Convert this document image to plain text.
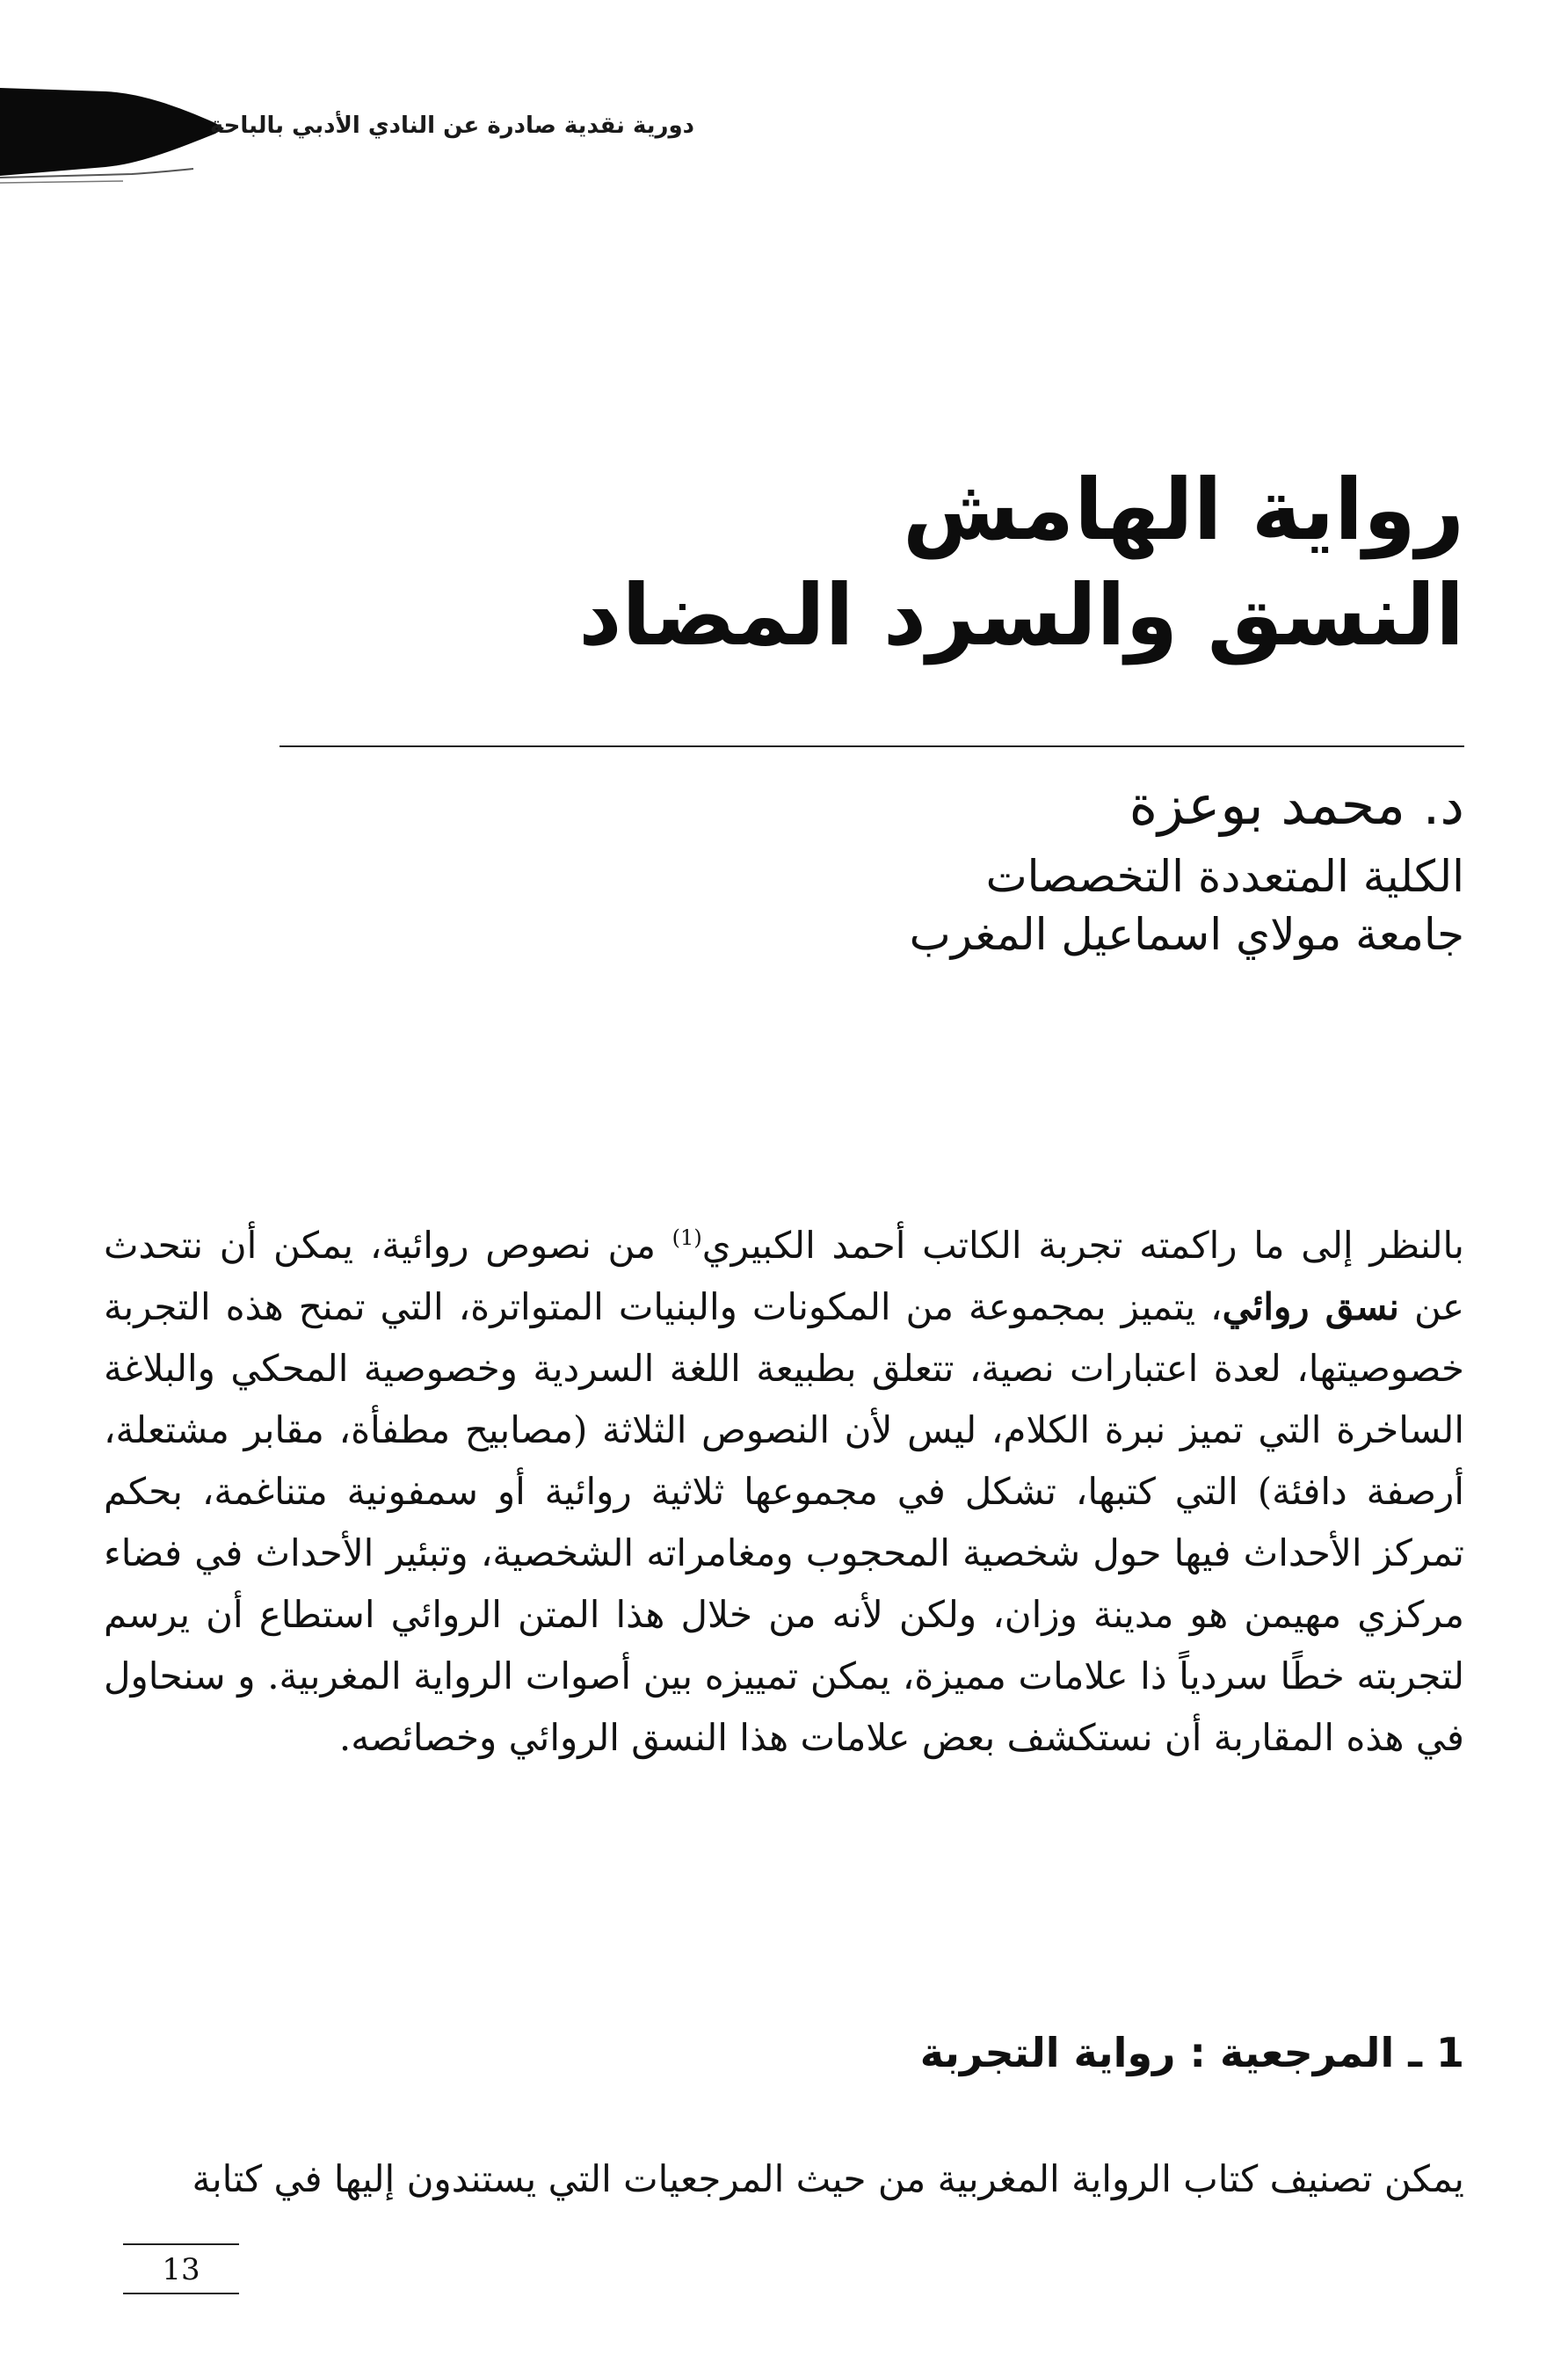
دورية نقدية صادرة عن النادي الأدبي بالباحة
رواية الهامش
النسق والسرد المضاد
د. محمد بوعزة
الكلية المتعددة التخصصات
جامعة مولاي اسماعيل المغرب

بالنظر إلى ما راكمته تجربة الكاتب أحمد الكبيري$^{(1)}$ من نصوص روائية، يمكن أن نتحدث عن نسق روائي، يتميز بمجموعة من المكونات والبنيات المتواترة، التي تمنح هذه التجربة خصوصيتها، لعدة اعتبارات نصية، تتعلق بطبيعة اللغة السردية وخصوصية المحكي والبلاغة الساخرة التي تميز نبرة الكلام، ليس لأن النصوص الثلاثة (مصابيح مطفأة، مقابر مشتعلة، أرصفة دافئة) التي كتبها، تشكل في مجموعها ثلاثية روائية أو سمفونية متناغمة، بحكم تمركز الأحداث فيها حول شخصية المحجوب ومغامراته الشخصية، وتبئير الأحداث في فضاء مركزي مهيمن هو مدينة وزان، ولكن لأنه من خلال هذا المتن الروائي استطاع أن يرسم لتجربته خطًا سردياً ذا علامات مميزة، يمكن تمييزه بين أصوات الرواية المغربية. و سنحاول في هذه المقاربة أن نستكشف بعض علامات هذا النسق الروائي وخصائصه.

1 ـ المرجعية : رواية التجربة

يمكن تصنيف كتاب الرواية المغربية من حيث المرجعيات التي يستندون إليها في كتابة

13
